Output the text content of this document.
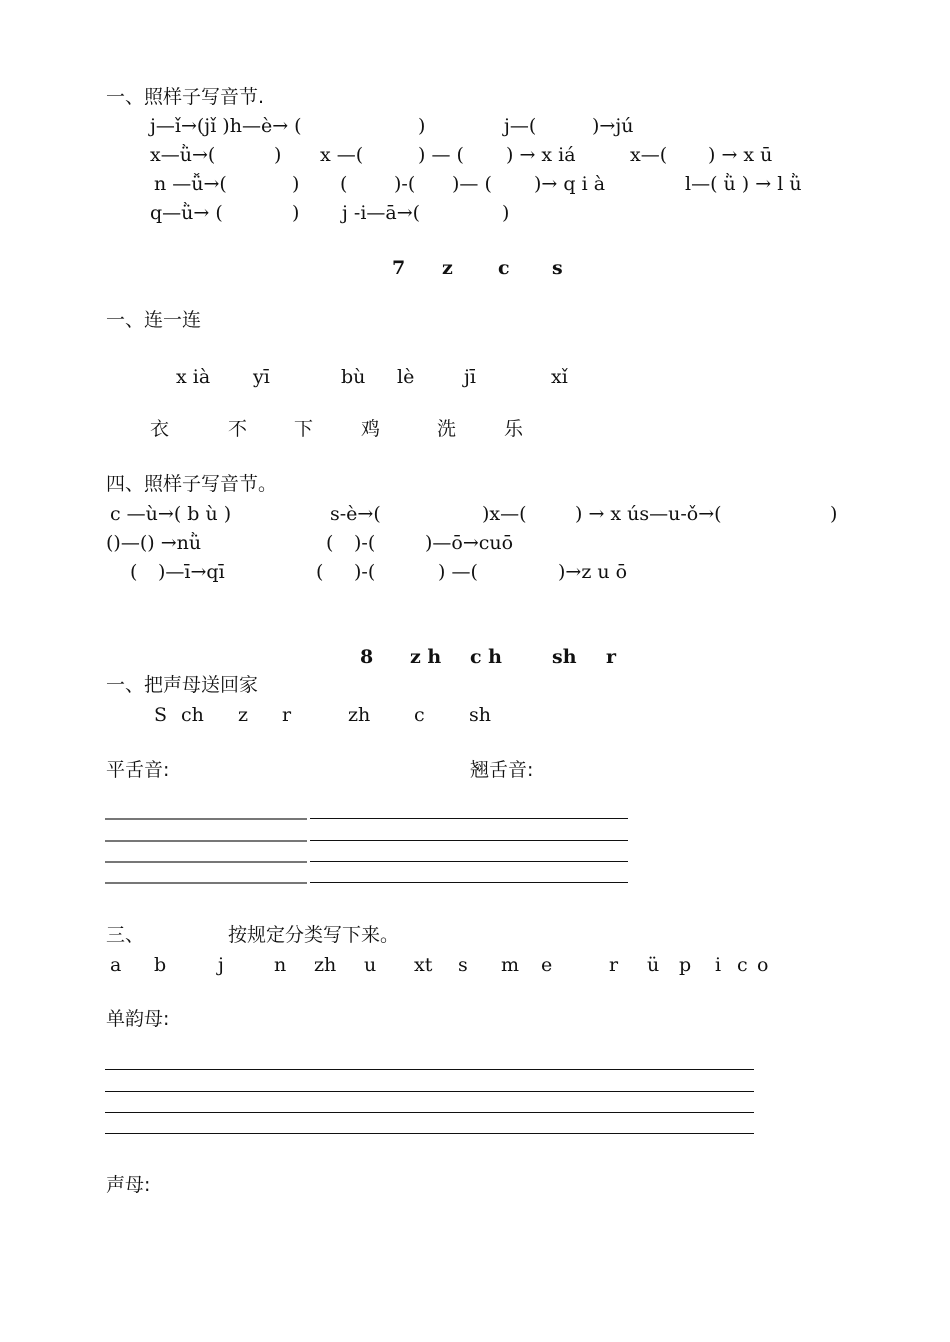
一、照样子写音节.
j—ǐ→(jǐ )h—è→ (	)	j—(	)→jú
x—ǜ→(	) x —(	) — ( ) → x iá	x—( ) → x ū
n —ǚ→(	) ( )-( )— ( )→ q i à	l—( ǜ ) → l ǜ
q—ǜ→ (	) j -i—ā→(	)
7 z c s
一、连一连
x ià yī	bù lè	jī	xǐ
衣	不 下	鸡	洗	乐
四、照样子写音节。
c —ù→( b ù )	s-è→(	)x—(	) → x ús—u-ǒ→(	)
()—() →nǜ	( )-(	)—ō→cuō
( )—ī→qī	( )-(	) —(	)→z u ō
8 z h c h	sh r
一、把声母送回家
S ch z r	zh c sh
平舌音:	翘舌音:
三、	按规定分类写下来。
a b	j	n zh u xt s m e	r ü p i c o
单韵母:
声母:
